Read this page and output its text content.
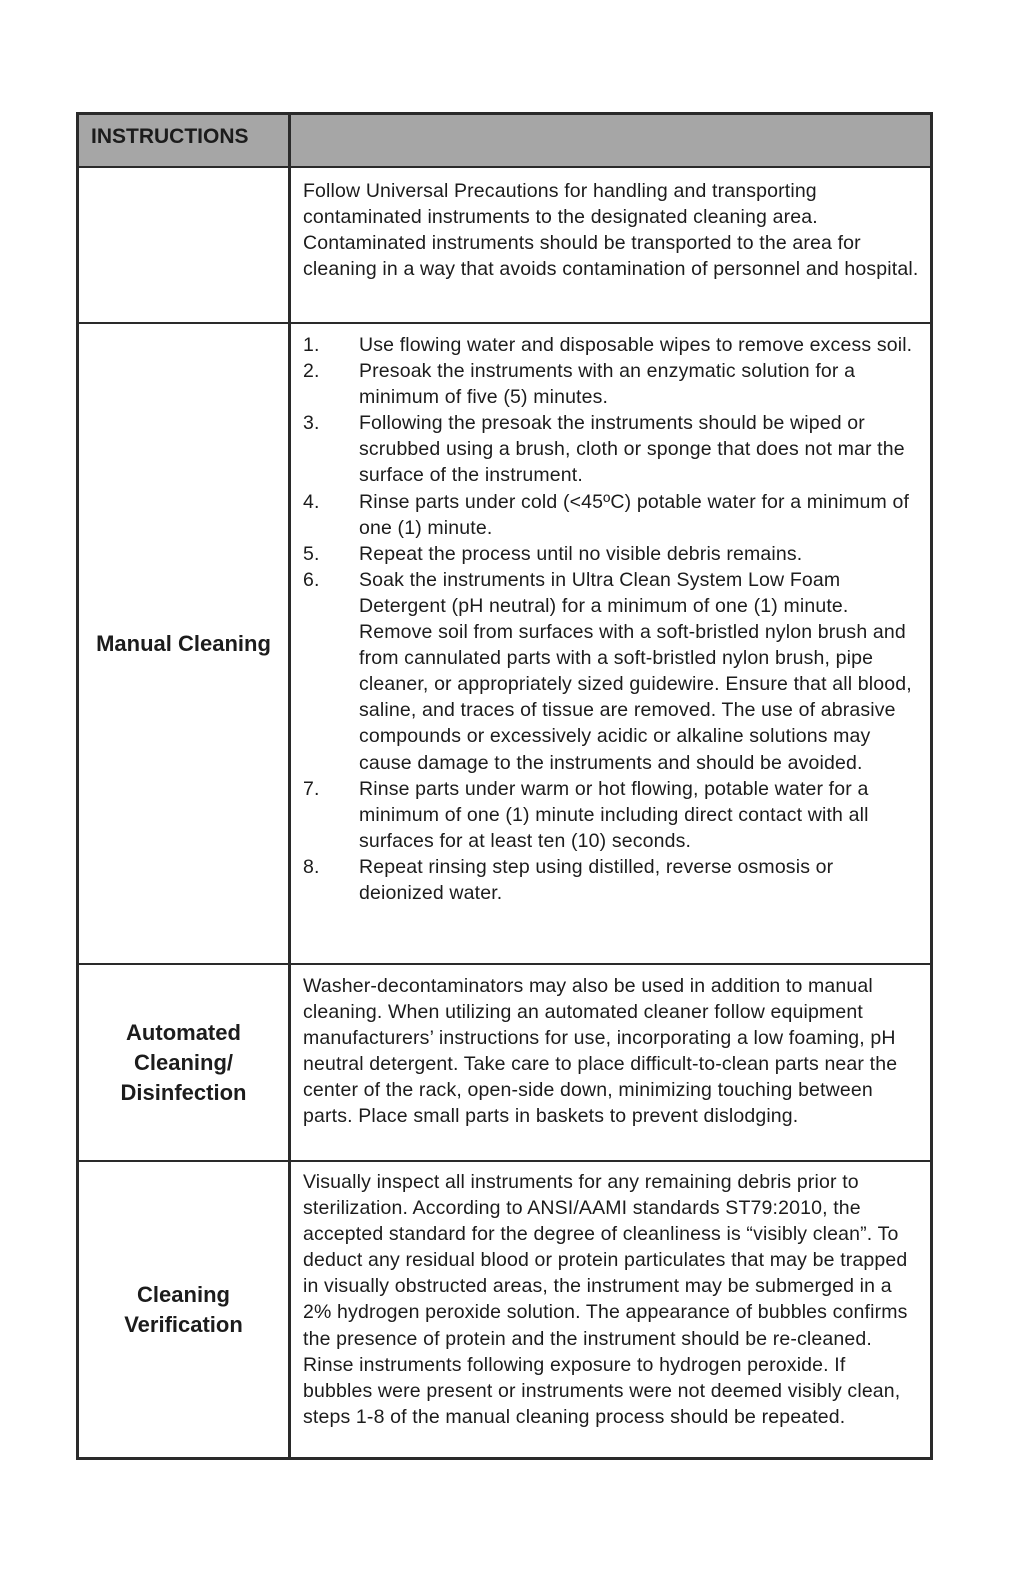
INSTRUCTIONS

Follow Universal Precautions for handling and transporting contaminated instruments to the designated cleaning area. Contaminated instruments should be transported to the area for cleaning in a way that avoids contamination of personnel and hospital.

Manual Cleaning
1. Use flowing water and disposable wipes to remove excess soil.
2. Presoak the instruments with an enzymatic solution for a minimum of five (5) minutes.
3. Following the presoak the instruments should be wiped or scrubbed using a brush, cloth or sponge that does not mar the surface of the instrument.
4. Rinse parts under cold (<45ºC) potable water for a minimum of one (1) minute.
5. Repeat the process until no visible debris remains.
6. Soak the instruments in Ultra Clean System Low Foam Detergent (pH neutral) for a minimum of one (1) minute. Remove soil from surfaces with a soft-bristled nylon brush and from cannulated parts with a soft-bristled nylon brush, pipe cleaner, or appropriately sized guidewire. Ensure that all blood, saline, and traces of tissue are removed. The use of abrasive compounds or excessively acidic or alkaline solutions may cause damage to the instruments and should be avoided.
7. Rinse parts under warm or hot flowing, potable water for a minimum of one (1) minute including direct contact with all surfaces for at least ten (10) seconds.
8. Repeat rinsing step using distilled, reverse osmosis or deionized water.
Automated Cleaning/ Disinfection

Washer-decontaminators may also be used in addition to manual cleaning. When utilizing an automated cleaner follow equipment manufacturers’ instructions for use, incorporating a low foaming, pH neutral detergent. Take care to place difficult-to-clean parts near the center of the rack, open-side down, minimizing touching between parts. Place small parts in baskets to prevent dislodging.

Cleaning Verification

Visually inspect all instruments for any remaining debris prior to sterilization. According to ANSI/AAMI standards ST79:2010, the accepted standard for the degree of cleanliness is “visibly clean”. To deduct any residual blood or protein particulates that may be trapped in visually obstructed areas, the instrument may be submerged in a 2% hydrogen peroxide solution. The appearance of bubbles confirms the presence of protein and the instrument should be re-cleaned. Rinse instruments following exposure to hydrogen peroxide. If bubbles were present or instruments were not deemed visibly clean, steps 1-8 of the manual cleaning process should be repeated.
